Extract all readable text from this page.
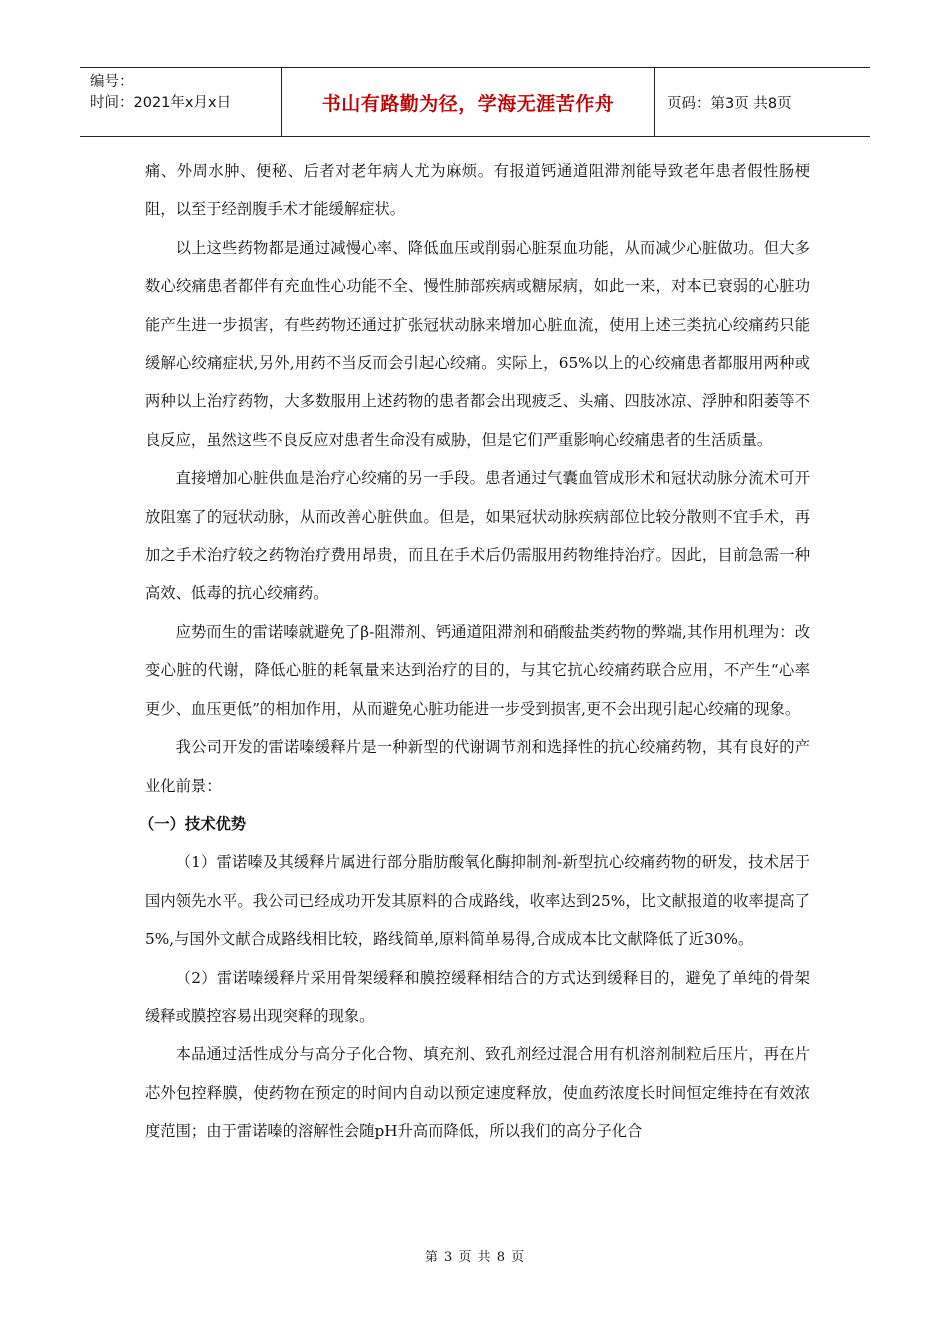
编号：
时间：2021年x月x日	书山有路勤为径，学海无涯苦作舟	页码：第3页 共8页

痛、外周水肿、便秘、后者对老年病人尤为麻烦。有报道钙通道阻滞剂能导致老年患者假性肠梗阻，以至于经剖腹手术才能缓解症状。

以上这些药物都是通过减慢心率、降低血压或削弱心脏泵血功能，从而减少心脏做功。但大多数心绞痛患者都伴有充血性心功能不全、慢性肺部疾病或糖尿病，如此一来，对本已衰弱的心脏功能产生进一步损害，有些药物还通过扩张冠状动脉来增加心脏血流，使用上述三类抗心绞痛药只能缓解心绞痛症状,另外,用药不当反而会引起心绞痛。实际上，65%以上的心绞痛患者都服用两种或两种以上治疗药物，大多数服用上述药物的患者都会出现疲乏、头痛、四肢冰凉、浮肿和阳萎等不良反应，虽然这些不良反应对患者生命没有威胁，但是它们严重影响心绞痛患者的生活质量。

直接增加心脏供血是治疗心绞痛的另一手段。患者通过气囊血管成形术和冠状动脉分流术可开放阻塞了的冠状动脉，从而改善心脏供血。但是，如果冠状动脉疾病部位比较分散则不宜手术，再加之手术治疗较之药物治疗费用昂贵，而且在手术后仍需服用药物维持治疗。因此，目前急需一种高效、低毒的抗心绞痛药。

应势而生的雷诺嗪就避免了β-阻滞剂、钙通道阻滞剂和硝酸盐类药物的弊端,其作用机理为：改变心脏的代谢，降低心脏的耗氧量来达到治疗的目的，与其它抗心绞痛药联合应用，不产生“心率更少、血压更低”的相加作用，从而避免心脏功能进一步受到损害,更不会出现引起心绞痛的现象。

我公司开发的雷诺嗪缓释片是一种新型的代谢调节剂和选择性的抗心绞痛药物，其有良好的产业化前景：

（一）技术优势

（1）雷诺嗪及其缓释片属进行部分脂肪酸氧化酶抑制剂-新型抗心绞痛药物的研发，技术居于国内领先水平。我公司已经成功开发其原料的合成路线，收率达到25%，比文献报道的收率提高了5%,与国外文献合成路线相比较，路线简单,原料简单易得,合成成本比文献降低了近30%。

（2）雷诺嗪缓释片采用骨架缓释和膜控缓释相结合的方式达到缓释目的，避免了单纯的骨架缓释或膜控容易出现突释的现象。

本品通过活性成分与高分子化合物、填充剂、致孔剂经过混合用有机溶剂制粒后压片，再在片芯外包控释膜，使药物在预定的时间内自动以预定速度释放，使血药浓度长时间恒定维持在有效浓度范围；由于雷诺嗪的溶解性会随pH升高而降低，所以我们的高分子化合

第 3 页 共 8 页
